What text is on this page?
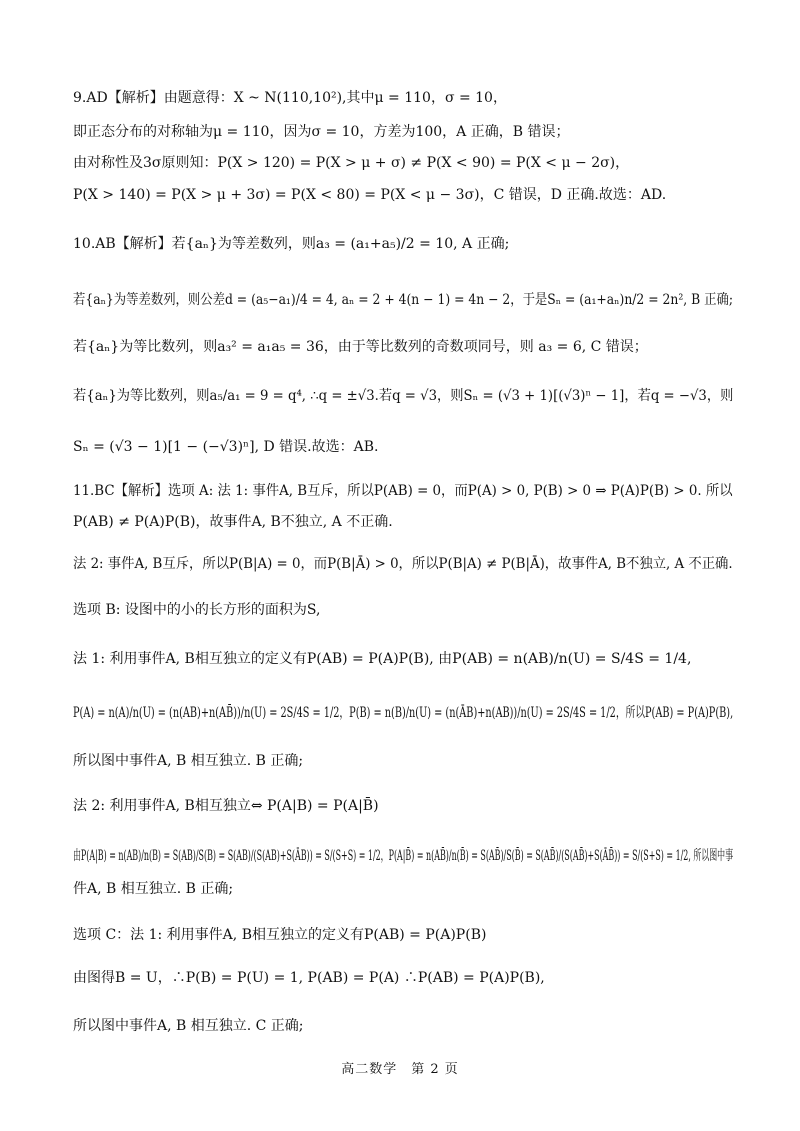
9.AD【解析】由题意得：X ~ N(110,10²),其中μ = 110，σ = 10，
即正态分布的对称轴为μ = 110，因为σ = 10，方差为100，A 正确，B 错误；
由对称性及3σ原则知：P(X > 120) = P(X > μ + σ) ≠ P(X < 90) = P(X < μ − 2σ)，
P(X > 140) = P(X > μ + 3σ) = P(X < 80) = P(X < μ − 3σ)，C 错误，D 正确.故选：AD.
10.AB【解析】若{aₙ}为等差数列，则a₃ = (a₁+a₅)/2 = 10, A 正确;
若{aₙ}为等差数列，则公差d = (a₅−a₁)/4 = 4, aₙ = 2 + 4(n − 1) = 4n − 2，于是Sₙ = (a₁+aₙ)n/2 = 2n², B 正确;
若{aₙ}为等比数列，则a₃² = a₁a₅ = 36，由于等比数列的奇数项同号，则 a₃ = 6, C 错误；
若{aₙ}为等比数列，则a₅/a₁ = 9 = q⁴, ∴q = ±√3.若q = √3，则Sₙ = (√3 + 1)[(√3)ⁿ − 1]，若q = −√3，则
Sₙ = (√3 − 1)[1 − (−√3)ⁿ], D 错误.故选：AB.
11.BC【解析】选项 A: 法 1: 事件A, B互斥，所以P(AB) = 0，而P(A) > 0, P(B) > 0 ⇒ P(A)P(B) > 0. 所以
P(AB) ≠ P(A)P(B)，故事件A, B不独立, A 不正确.
法 2: 事件A, B互斥，所以P(B|A) = 0，而P(B|Ā) > 0，所以P(B|A) ≠ P(B|Ā)，故事件A, B不独立, A 不正确.
选项 B: 设图中的小的长方形的面积为S,
法 1: 利用事件A, B相互独立的定义有P(AB) = P(A)P(B), 由P(AB) = n(AB)/n(U) = S/4S = 1/4,
P(A) = n(A)/n(U) = (n(AB)+n(AB̄))/n(U) = 2S/4S = 1/2，P(B) = n(B)/n(U) = (n(ĀB)+n(AB))/n(U) = 2S/4S = 1/2，所以P(AB) = P(A)P(B),
所以图中事件A, B 相互独立. B 正确;
法 2: 利用事件A, B相互独立⇔ P(A|B) = P(A|B̄)
由P(A|B) = n(AB)/n(B) = S(AB)/S(B) = S(AB)/(S(AB)+S(ĀB)) = S/(S+S) = 1/2，P(A|B̄) = n(AB̄)/n(B̄) = S(AB̄)/S(B̄) = S(AB̄)/(S(AB̄)+S(ĀB̄)) = S/(S+S) = 1/2, 所以图中事
件A, B 相互独立. B 正确;
选项 C：法 1: 利用事件A, B相互独立的定义有P(AB) = P(A)P(B)
由图得B = U，∴P(B) = P(U) = 1, P(AB) = P(A) ∴P(AB) = P(A)P(B),
所以图中事件A, B 相互独立. C 正确;
高二数学　第 2 页
